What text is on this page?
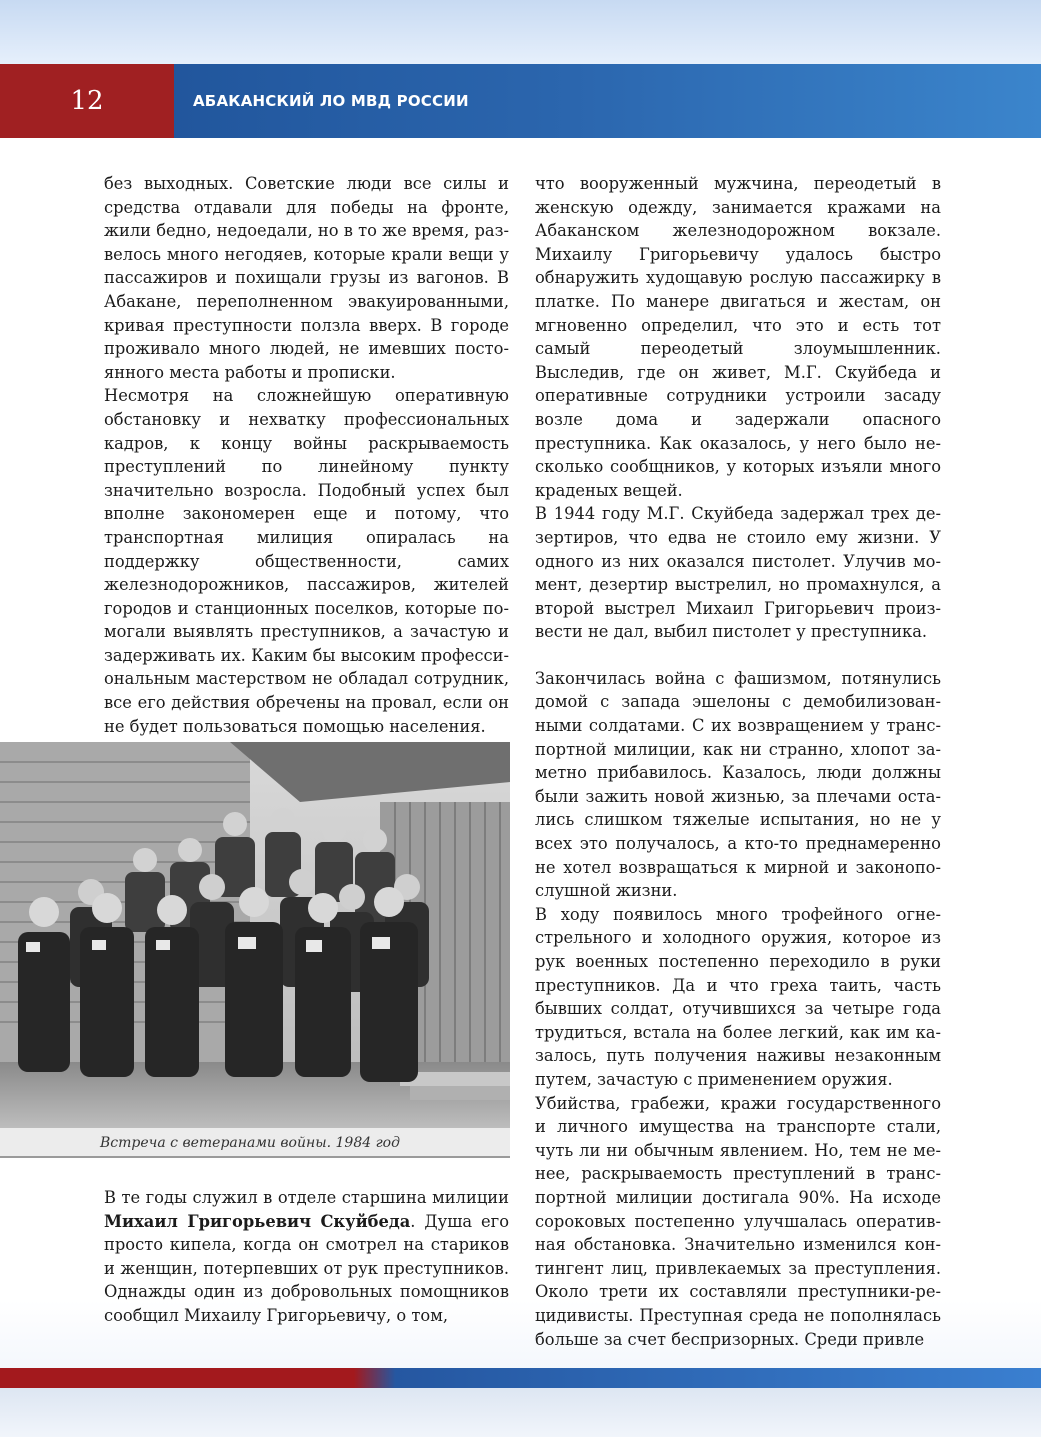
12	АБАКАНСКИЙ ЛО МВД РОССИИ

без выходных. Советские люди все силы и средства отдавали для победы на фронте, жили бедно, недоедали, но в то же время, развелось много негодяев, которые крали вещи у пассажиров и похищали грузы из вагонов. В Абакане, переполненном эвакуированными, кривая преступности ползла вверх. В городе проживало много людей, не имевших постоянного места работы и прописки.

Несмотря на сложнейшую оперативную обстановку и нехватку профессиональных кадров, к концу войны раскрываемость преступлений по линейному пункту значительно возросла. Подобный успех был вполне закономерен еще и потому, что транспортная милиция опиралась на поддержку общественности, самих железнодорожников, пассажиров, жителей городов и станционных поселков, которые помогали выявлять преступников, а зачастую и задерживать их. Каким бы высоким профессиональным мастерством не обладал сотрудник, все его действия обречены на провал, если он не будет пользоваться помощью населения.

Встреча с ветеранами войны. 1984 год

В те годы служил в отделе старшина милиции Михаил Григорьевич Скуйбеда. Душа его просто кипела, когда он смотрел на стариков и женщин, потерпевших от рук преступников. Однажды один из добровольных помощников сообщил Михаилу Григорьевичу, о том,

что вооруженный мужчина, переодетый в женскую одежду, занимается кражами на Абаканском железнодорожном вокзале. Михаилу Григорьевичу удалось быстро обнаружить худощавую рослую пассажирку в платке. По манере двигаться и жестам, он мгновенно определил, что это и есть тот самый переодетый злоумышленник. Выследив, где он живет, М.Г. Скуйбеда и оперативные сотрудники устроили засаду возле дома и задержали опасного преступника. Как оказалось, у него было несколько сообщников, у которых изъяли много краденых вещей.

В 1944 году М.Г. Скуйбеда задержал трех дезертиров, что едва не стоило ему жизни. У одного из них оказался пистолет. Улучив момент, дезертир выстрелил, но промахнулся, а второй выстрел Михаил Григорьевич произвести не дал, выбил пистолет у преступника.

Закончилась война с фашизмом, потянулись домой с запада эшелоны с демобилизованными солдатами. С их возвращением у транспортной милиции, как ни странно, хлопот заметно прибавилось. Казалось, люди должны были зажить новой жизнью, за плечами остались слишком тяжелые испытания, но не у всех это получалось, а кто-то преднамеренно не хотел возвращаться к мирной и законопослушной жизни.

В ходу появилось много трофейного огнестрельного и холодного оружия, которое из рук военных постепенно переходило в руки преступников. Да и что греха таить, часть бывших солдат, отучившихся за четыре года трудиться, встала на более легкий, как им казалось, путь получения наживы незаконным путем, зачастую с применением оружия.

Убийства, грабежи, кражи государственного и личного имущества на транспорте стали, чуть ли ни обычным явлением. Но, тем не менее, раскрываемость преступлений в транспортной милиции достигала 90%. На исходе сороковых постепенно улучшалась оперативная обстановка. Значительно изменился контингент лиц, привлекаемых за преступления. Около трети их составляли преступники-рецидивисты. Преступная среда не пополнялась больше за счет беспризорных. Среди привле
